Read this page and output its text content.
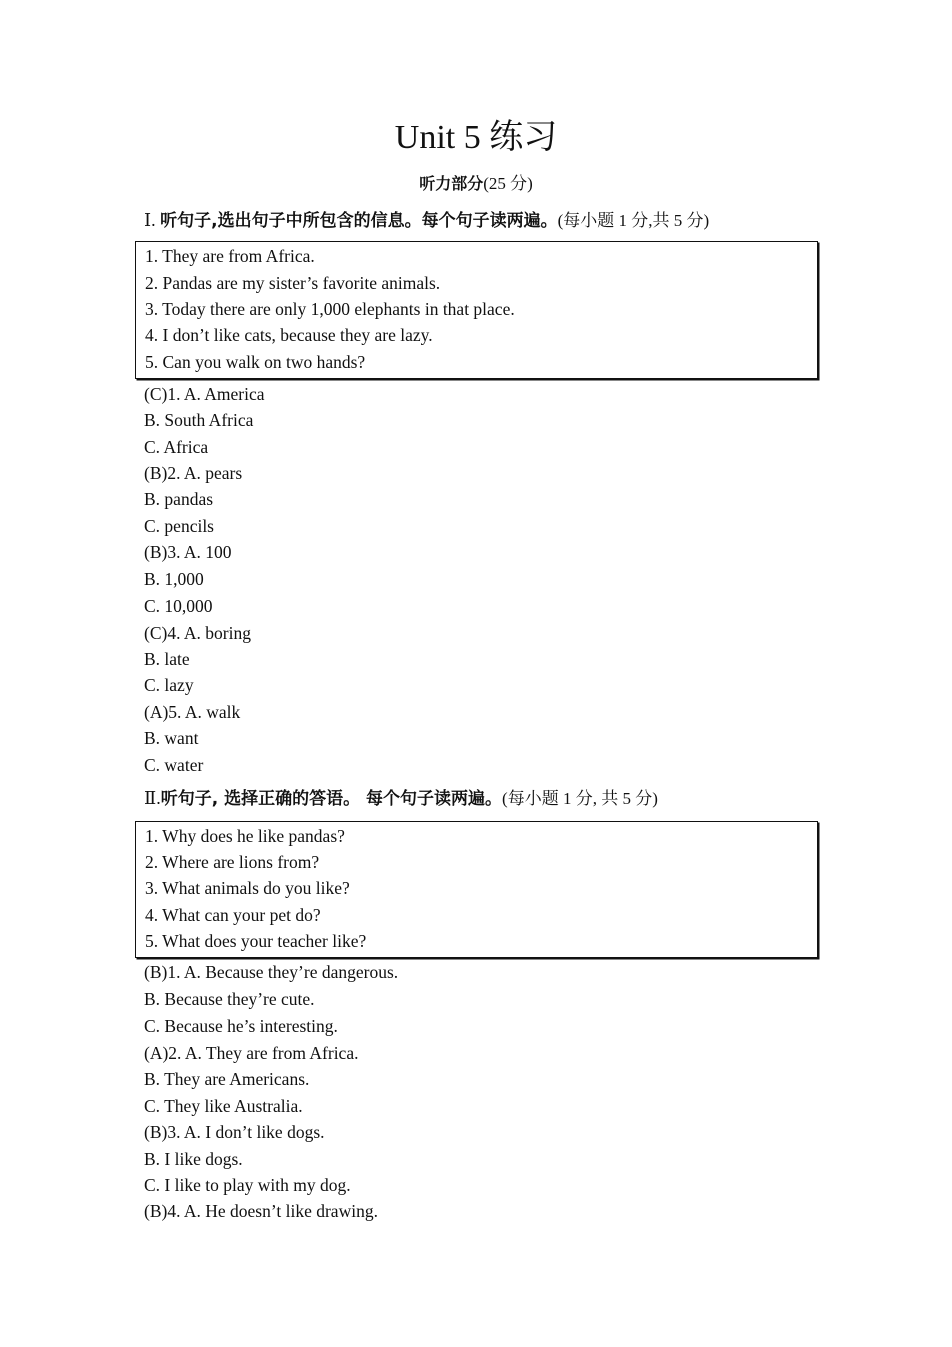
Unit 5 练习
听力部分(25 分)
Ⅰ. 听句子,选出句子中所包含的信息。每个句子读两遍。(每小题 1 分,共 5 分)
1. They are from Africa.
2. Pandas are my sister’s favorite animals.
3. Today there are only 1,000 elephants in that place.
4. I don’t like cats, because they are lazy.
5. Can you walk on two hands?
(C)1. A. America
B. South Africa
C. Africa
(B)2. A. pears
B. pandas
C. pencils
(B)3. A. 100
B. 1,000
C. 10,000
(C)4. A. boring
B. late
C. lazy
(A)5. A. walk
B. want
C. water
Ⅱ.听句子, 选择正确的答语。 每个句子读两遍。(每小题 1 分, 共 5 分)
1. Why does he like pandas?
2. Where are lions from?
3. What animals do you like?
4. What can your pet do?
5. What does your teacher like?
(B)1. A. Because they’re dangerous.
B. Because they’re cute.
C. Because he’s interesting.
(A)2. A. They are from Africa.
B. They are Americans.
C. They like Australia.
(B)3. A. I don’t like dogs.
B. I like dogs.
C. I like to play with my dog.
(B)4. A. He doesn’t like drawing.
